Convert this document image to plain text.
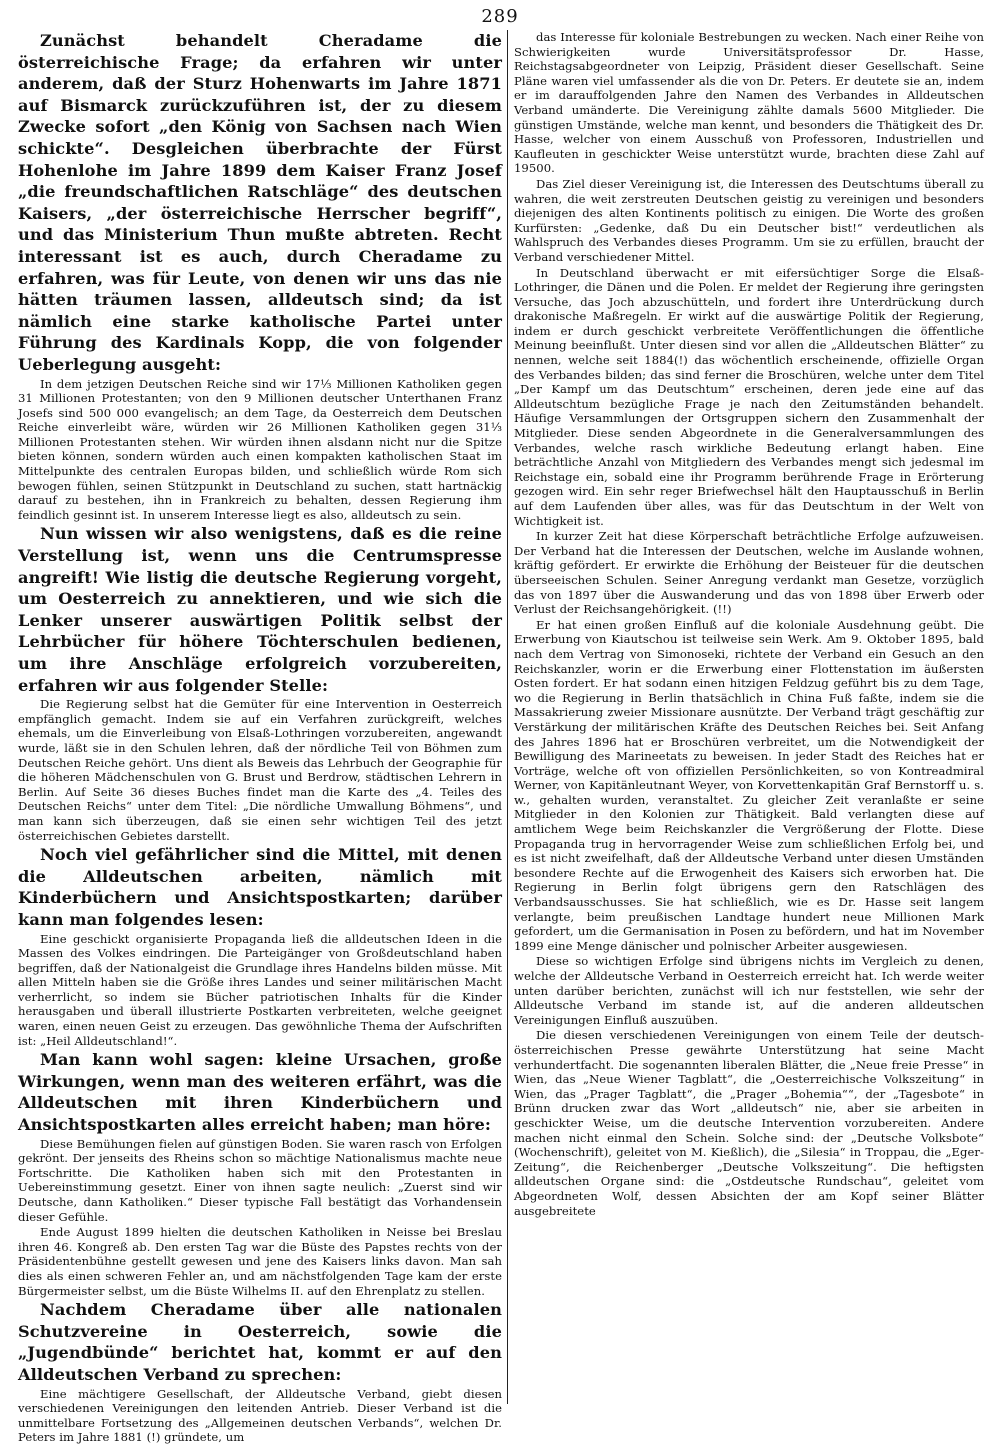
289

Zunächst behandelt Cheradame die österreichische Frage; da erfahren wir unter anderem, daß der Sturz Hohenwarts im Jahre 1871 auf Bismarck zurückzuführen ist, der zu diesem Zwecke sofort „den König von Sachsen nach Wien schickte“. Desgleichen überbrachte der Fürst Hohenlohe im Jahre 1899 dem Kaiser Franz Josef „die freundschaftlichen Ratschläge“ des deutschen Kaisers, „der österreichische Herrscher begriff“, und das Ministerium Thun mußte abtreten. Recht interessant ist es auch, durch Cheradame zu erfahren, was für Leute, von denen wir uns das nie hätten träumen lassen, alldeutsch sind; da ist nämlich eine starke katholische Partei unter Führung des Kardinals Kopp, die von folgender Ueberlegung ausgeht:

In dem jetzigen Deutschen Reiche sind wir 17⅓ Millionen Katholiken gegen 31 Millionen Protestanten; von den 9 Millionen deutscher Unterthanen Franz Josefs sind 500 000 evangelisch; an dem Tage, da Oesterreich dem Deutschen Reiche einverleibt wäre, würden wir 26 Millionen Katholiken gegen 31⅓ Millionen Protestanten stehen. Wir würden ihnen alsdann nicht nur die Spitze bieten können, sondern würden auch einen kompakten katholischen Staat im Mittelpunkte des centralen Europas bilden, und schließlich würde Rom sich bewogen fühlen, seinen Stützpunkt in Deutschland zu suchen, statt hartnäckig darauf zu bestehen, ihn in Frankreich zu behalten, dessen Regierung ihm feindlich gesinnt ist. In unserem Interesse liegt es also, alldeutsch zu sein.

Nun wissen wir also wenigstens, daß es die reine Verstellung ist, wenn uns die Centrumspresse angreift! Wie listig die deutsche Regierung vorgeht, um Oesterreich zu annektieren, und wie sich die Lenker unserer auswärtigen Politik selbst der Lehrbücher für höhere Töchterschulen bedienen, um ihre Anschläge erfolgreich vorzubereiten, erfahren wir aus folgender Stelle:

Die Regierung selbst hat die Gemüter für eine Intervention in Oesterreich empfänglich gemacht. Indem sie auf ein Verfahren zurückgreift, welches ehemals, um die Einverleibung von Elsaß-Lothringen vorzubereiten, angewandt wurde, läßt sie in den Schulen lehren, daß der nördliche Teil von Böhmen zum Deutschen Reiche gehört. Uns dient als Beweis das Lehrbuch der Geographie für die höheren Mädchenschulen von G. Brust und Berdrow, städtischen Lehrern in Berlin. Auf Seite 36 dieses Buches findet man die Karte des „4. Teiles des Deutschen Reichs“ unter dem Titel: „Die nördliche Umwallung Böhmens“, und man kann sich überzeugen, daß sie einen sehr wichtigen Teil des jetzt österreichischen Gebietes darstellt.

Noch viel gefährlicher sind die Mittel, mit denen die Alldeutschen arbeiten, nämlich mit Kinderbüchern und Ansichtspostkarten; darüber kann man folgendes lesen:

Eine geschickt organisierte Propaganda ließ die alldeutschen Ideen in die Massen des Volkes eindringen. Die Parteigänger von Großdeutschland haben begriffen, daß der Nationalgeist die Grundlage ihres Handelns bilden müsse. Mit allen Mitteln haben sie die Größe ihres Landes und seiner militärischen Macht verherrlicht, so indem sie Bücher patriotischen Inhalts für die Kinder herausgaben und überall illustrierte Postkarten verbreiteten, welche geeignet waren, einen neuen Geist zu erzeugen. Das gewöhnliche Thema der Aufschriften ist: „Heil Alldeutschland!“.

Man kann wohl sagen: kleine Ursachen, große Wirkungen, wenn man des weiteren erfährt, was die Alldeutschen mit ihren Kinderbüchern und Ansichtspostkarten alles erreicht haben; man höre:

Diese Bemühungen fielen auf günstigen Boden. Sie waren rasch von Erfolgen gekrönt. Der jenseits des Rheins schon so mächtige Nationalismus machte neue Fortschritte. Die Katholiken haben sich mit den Protestanten in Uebereinstimmung gesetzt. Einer von ihnen sagte neulich: „Zuerst sind wir Deutsche, dann Katholiken.“ Dieser typische Fall bestätigt das Vorhandensein dieser Gefühle.

Ende August 1899 hielten die deutschen Katholiken in Neisse bei Breslau ihren 46. Kongreß ab. Den ersten Tag war die Büste des Papstes rechts von der Präsidentenbühne gestellt gewesen und jene des Kaisers links davon. Man sah dies als einen schweren Fehler an, und am nächstfolgenden Tage kam der erste Bürgermeister selbst, um die Büste Wilhelms II. auf den Ehrenplatz zu stellen.

Nachdem Cheradame über alle nationalen Schutzvereine in Oesterreich, sowie die „Jugendbünde“ berichtet hat, kommt er auf den Alldeutschen Verband zu sprechen:

Eine mächtigere Gesellschaft, der Alldeutsche Verband, giebt diesen verschiedenen Vereinigungen den leitenden Antrieb. Dieser Verband ist die unmittelbare Fortsetzung des „Allgemeinen deutschen Verbands“, welchen Dr. Peters im Jahre 1881 (!) gründete, um

das Interesse für koloniale Bestrebungen zu wecken. Nach einer Reihe von Schwierigkeiten wurde Universitätsprofessor Dr. Hasse, Reichstagsabgeordneter von Leipzig, Präsident dieser Gesellschaft. Seine Pläne waren viel umfassender als die von Dr. Peters. Er deutete sie an, indem er im darauffolgenden Jahre den Namen des Verbandes in Alldeutschen Verband umänderte. Die Vereinigung zählte damals 5600 Mitglieder. Die günstigen Umstände, welche man kennt, und besonders die Thätigkeit des Dr. Hasse, welcher von einem Ausschuß von Professoren, Industriellen und Kaufleuten in geschickter Weise unterstützt wurde, brachten diese Zahl auf 19500.

Das Ziel dieser Vereinigung ist, die Interessen des Deutschtums überall zu wahren, die weit zerstreuten Deutschen geistig zu vereinigen und besonders diejenigen des alten Kontinents politisch zu einigen. Die Worte des großen Kurfürsten: „Gedenke, daß Du ein Deutscher bist!“ verdeutlichen als Wahlspruch des Verbandes dieses Programm. Um sie zu erfüllen, braucht der Verband verschiedener Mittel.

In Deutschland überwacht er mit eifersüchtiger Sorge die Elsaß-Lothringer, die Dänen und die Polen. Er meldet der Regierung ihre geringsten Versuche, das Joch abzuschütteln, und fordert ihre Unterdrückung durch drakonische Maßregeln. Er wirkt auf die auswärtige Politik der Regierung, indem er durch geschickt verbreitete Veröffentlichungen die öffentliche Meinung beeinflußt. Unter diesen sind vor allen die „Alldeutschen Blätter“ zu nennen, welche seit 1884(!) das wöchentlich erscheinende, offizielle Organ des Verbandes bilden; das sind ferner die Broschüren, welche unter dem Titel „Der Kampf um das Deutschtum“ erscheinen, deren jede eine auf das Alldeutschtum bezügliche Frage je nach den Zeitumständen behandelt. Häufige Versammlungen der Ortsgruppen sichern den Zusammenhalt der Mitglieder. Diese senden Abgeordnete in die Generalversammlungen des Verbandes, welche rasch wirkliche Bedeutung erlangt haben. Eine beträchtliche Anzahl von Mitgliedern des Verbandes mengt sich jedesmal im Reichstage ein, sobald eine ihr Programm berührende Frage in Erörterung gezogen wird. Ein sehr reger Briefwechsel hält den Hauptausschuß in Berlin auf dem Laufenden über alles, was für das Deutschtum in der Welt von Wichtigkeit ist.

In kurzer Zeit hat diese Körperschaft beträchtliche Erfolge aufzuweisen. Der Verband hat die Interessen der Deutschen, welche im Auslande wohnen, kräftig gefördert. Er erwirkte die Erhöhung der Beisteuer für die deutschen überseeischen Schulen. Seiner Anregung verdankt man Gesetze, vorzüglich das von 1897 über die Auswanderung und das von 1898 über Erwerb oder Verlust der Reichsangehörigkeit. (!!)

Er hat einen großen Einfluß auf die koloniale Ausdehnung geübt. Die Erwerbung von Kiautschou ist teilweise sein Werk. Am 9. Oktober 1895, bald nach dem Vertrag von Simonoseki, richtete der Verband ein Gesuch an den Reichskanzler, worin er die Erwerbung einer Flottenstation im äußersten Osten fordert. Er hat sodann einen hitzigen Feldzug geführt bis zu dem Tage, wo die Regierung in Berlin thatsächlich in China Fuß faßte, indem sie die Massakrierung zweier Missionare ausnützte. Der Verband trägt geschäftig zur Verstärkung der militärischen Kräfte des Deutschen Reiches bei. Seit Anfang des Jahres 1896 hat er Broschüren verbreitet, um die Notwendigkeit der Bewilligung des Marineetats zu beweisen. In jeder Stadt des Reiches hat er Vorträge, welche oft von offiziellen Persönlichkeiten, so von Kontreadmiral Werner, von Kapitänleutnant Weyer, von Korvettenkapitän Graf Bernstorff u. s. w., gehalten wurden, veranstaltet. Zu gleicher Zeit veranlaßte er seine Mitglieder in den Kolonien zur Thätigkeit. Bald verlangten diese auf amtlichem Wege beim Reichskanzler die Vergrößerung der Flotte. Diese Propaganda trug in hervorragender Weise zum schließlichen Erfolg bei, und es ist nicht zweifelhaft, daß der Alldeutsche Verband unter diesen Umständen besondere Rechte auf die Erwogenheit des Kaisers sich erworben hat. Die Regierung in Berlin folgt übrigens gern den Ratschlägen des Verbandsausschusses. Sie hat schließlich, wie es Dr. Hasse seit langem verlangte, beim preußischen Landtage hundert neue Millionen Mark gefordert, um die Germanisation in Posen zu befördern, und hat im November 1899 eine Menge dänischer und polnischer Arbeiter ausgewiesen.

Diese so wichtigen Erfolge sind übrigens nichts im Vergleich zu denen, welche der Alldeutsche Verband in Oesterreich erreicht hat. Ich werde weiter unten darüber berichten, zunächst will ich nur feststellen, wie sehr der Alldeutsche Verband im stande ist, auf die anderen alldeutschen Vereinigungen Einfluß auszuüben.

Die diesen verschiedenen Vereinigungen von einem Teile der deutsch-österreichischen Presse gewährte Unterstützung hat seine Macht verhundertfacht. Die sogenannten liberalen Blätter, die „Neue freie Presse“ in Wien, das „Neue Wiener Tagblatt“, die „Oesterreichische Volkszeitung“ in Wien, das „Prager Tagblatt“, die „Prager „Bohemia““, der „Tagesbote“ in Brünn drucken zwar das Wort „alldeutsch“ nie, aber sie arbeiten in geschickter Weise, um die deutsche Intervention vorzubereiten. Andere machen nicht einmal den Schein. Solche sind: der „Deutsche Volksbote“ (Wochenschrift), geleitet von M. Kießlich), die „Silesia“ in Troppau, die „Eger-Zeitung“, die Reichenberger „Deutsche Volkszeitung“. Die heftigsten alldeutschen Organe sind: die „Ostdeutsche Rundschau“, geleitet vom Abgeordneten Wolf, dessen Absichten der am Kopf seiner Blätter ausgebreitete
